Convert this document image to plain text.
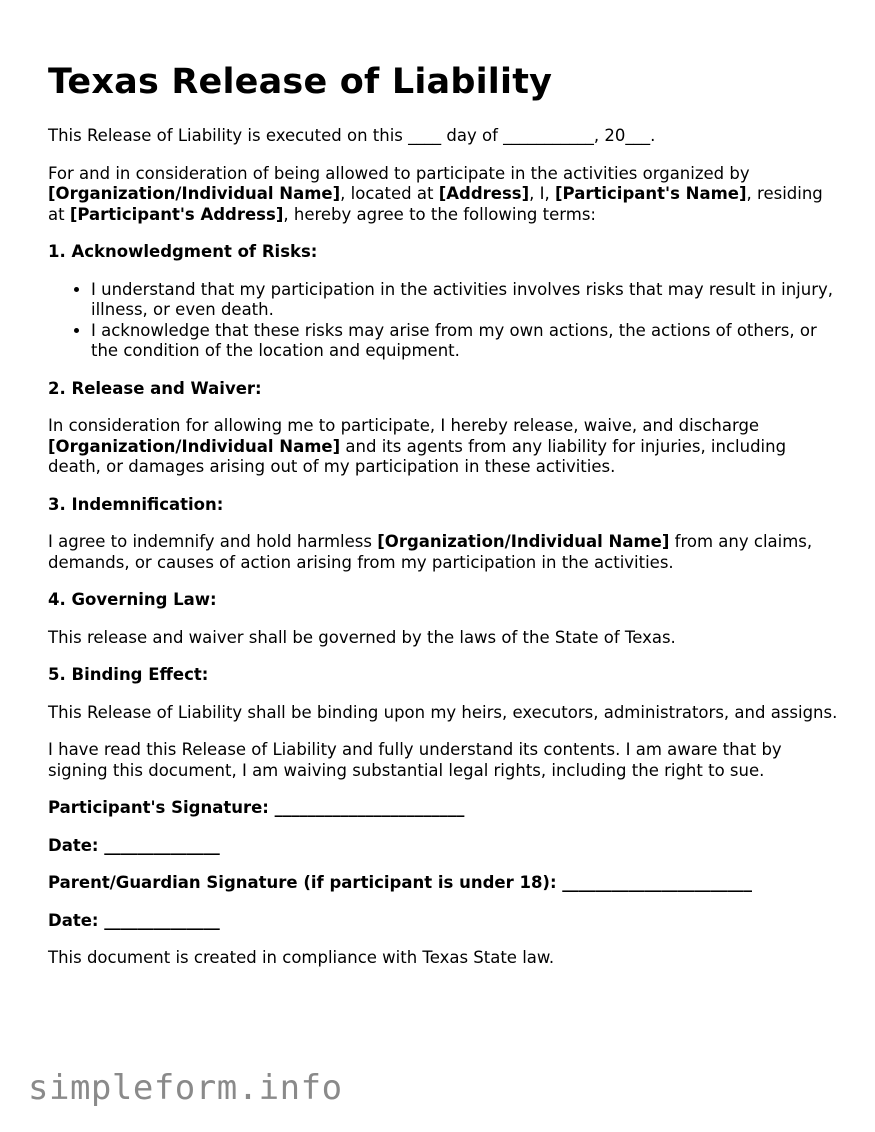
Texas Release of Liability

This Release of Liability is executed on this ____ day of ___________, 20___.

For and in consideration of being allowed to participate in the activities organized by [Organization/Individual Name], located at [Address], I, [Participant's Name], residing at [Participant's Address], hereby agree to the following terms:

1. Acknowledgment of Risks:
• I understand that my participation in the activities involves risks that may result in injury, illness, or even death.
• I acknowledge that these risks may arise from my own actions, the actions of others, or the condition of the location and equipment.
2. Release and Waiver:

In consideration for allowing me to participate, I hereby release, waive, and discharge [Organization/Individual Name] and its agents from any liability for injuries, including death, or damages arising out of my participation in these activities.

3. Indemnification:

I agree to indemnify and hold harmless [Organization/Individual Name] from any claims, demands, or causes of action arising from my participation in the activities.

4. Governing Law:

This release and waiver shall be governed by the laws of the State of Texas.

5. Binding Effect:

This Release of Liability shall be binding upon my heirs, executors, administrators, and assigns.

I have read this Release of Liability and fully understand its contents. I am aware that by signing this document, I am waiving substantial legal rights, including the right to sue.

Participant's Signature: _______________________
Date: ______________
Parent/Guardian Signature (if participant is under 18): _______________________
Date: ______________

This document is created in compliance with Texas State law.

simpleform.info
